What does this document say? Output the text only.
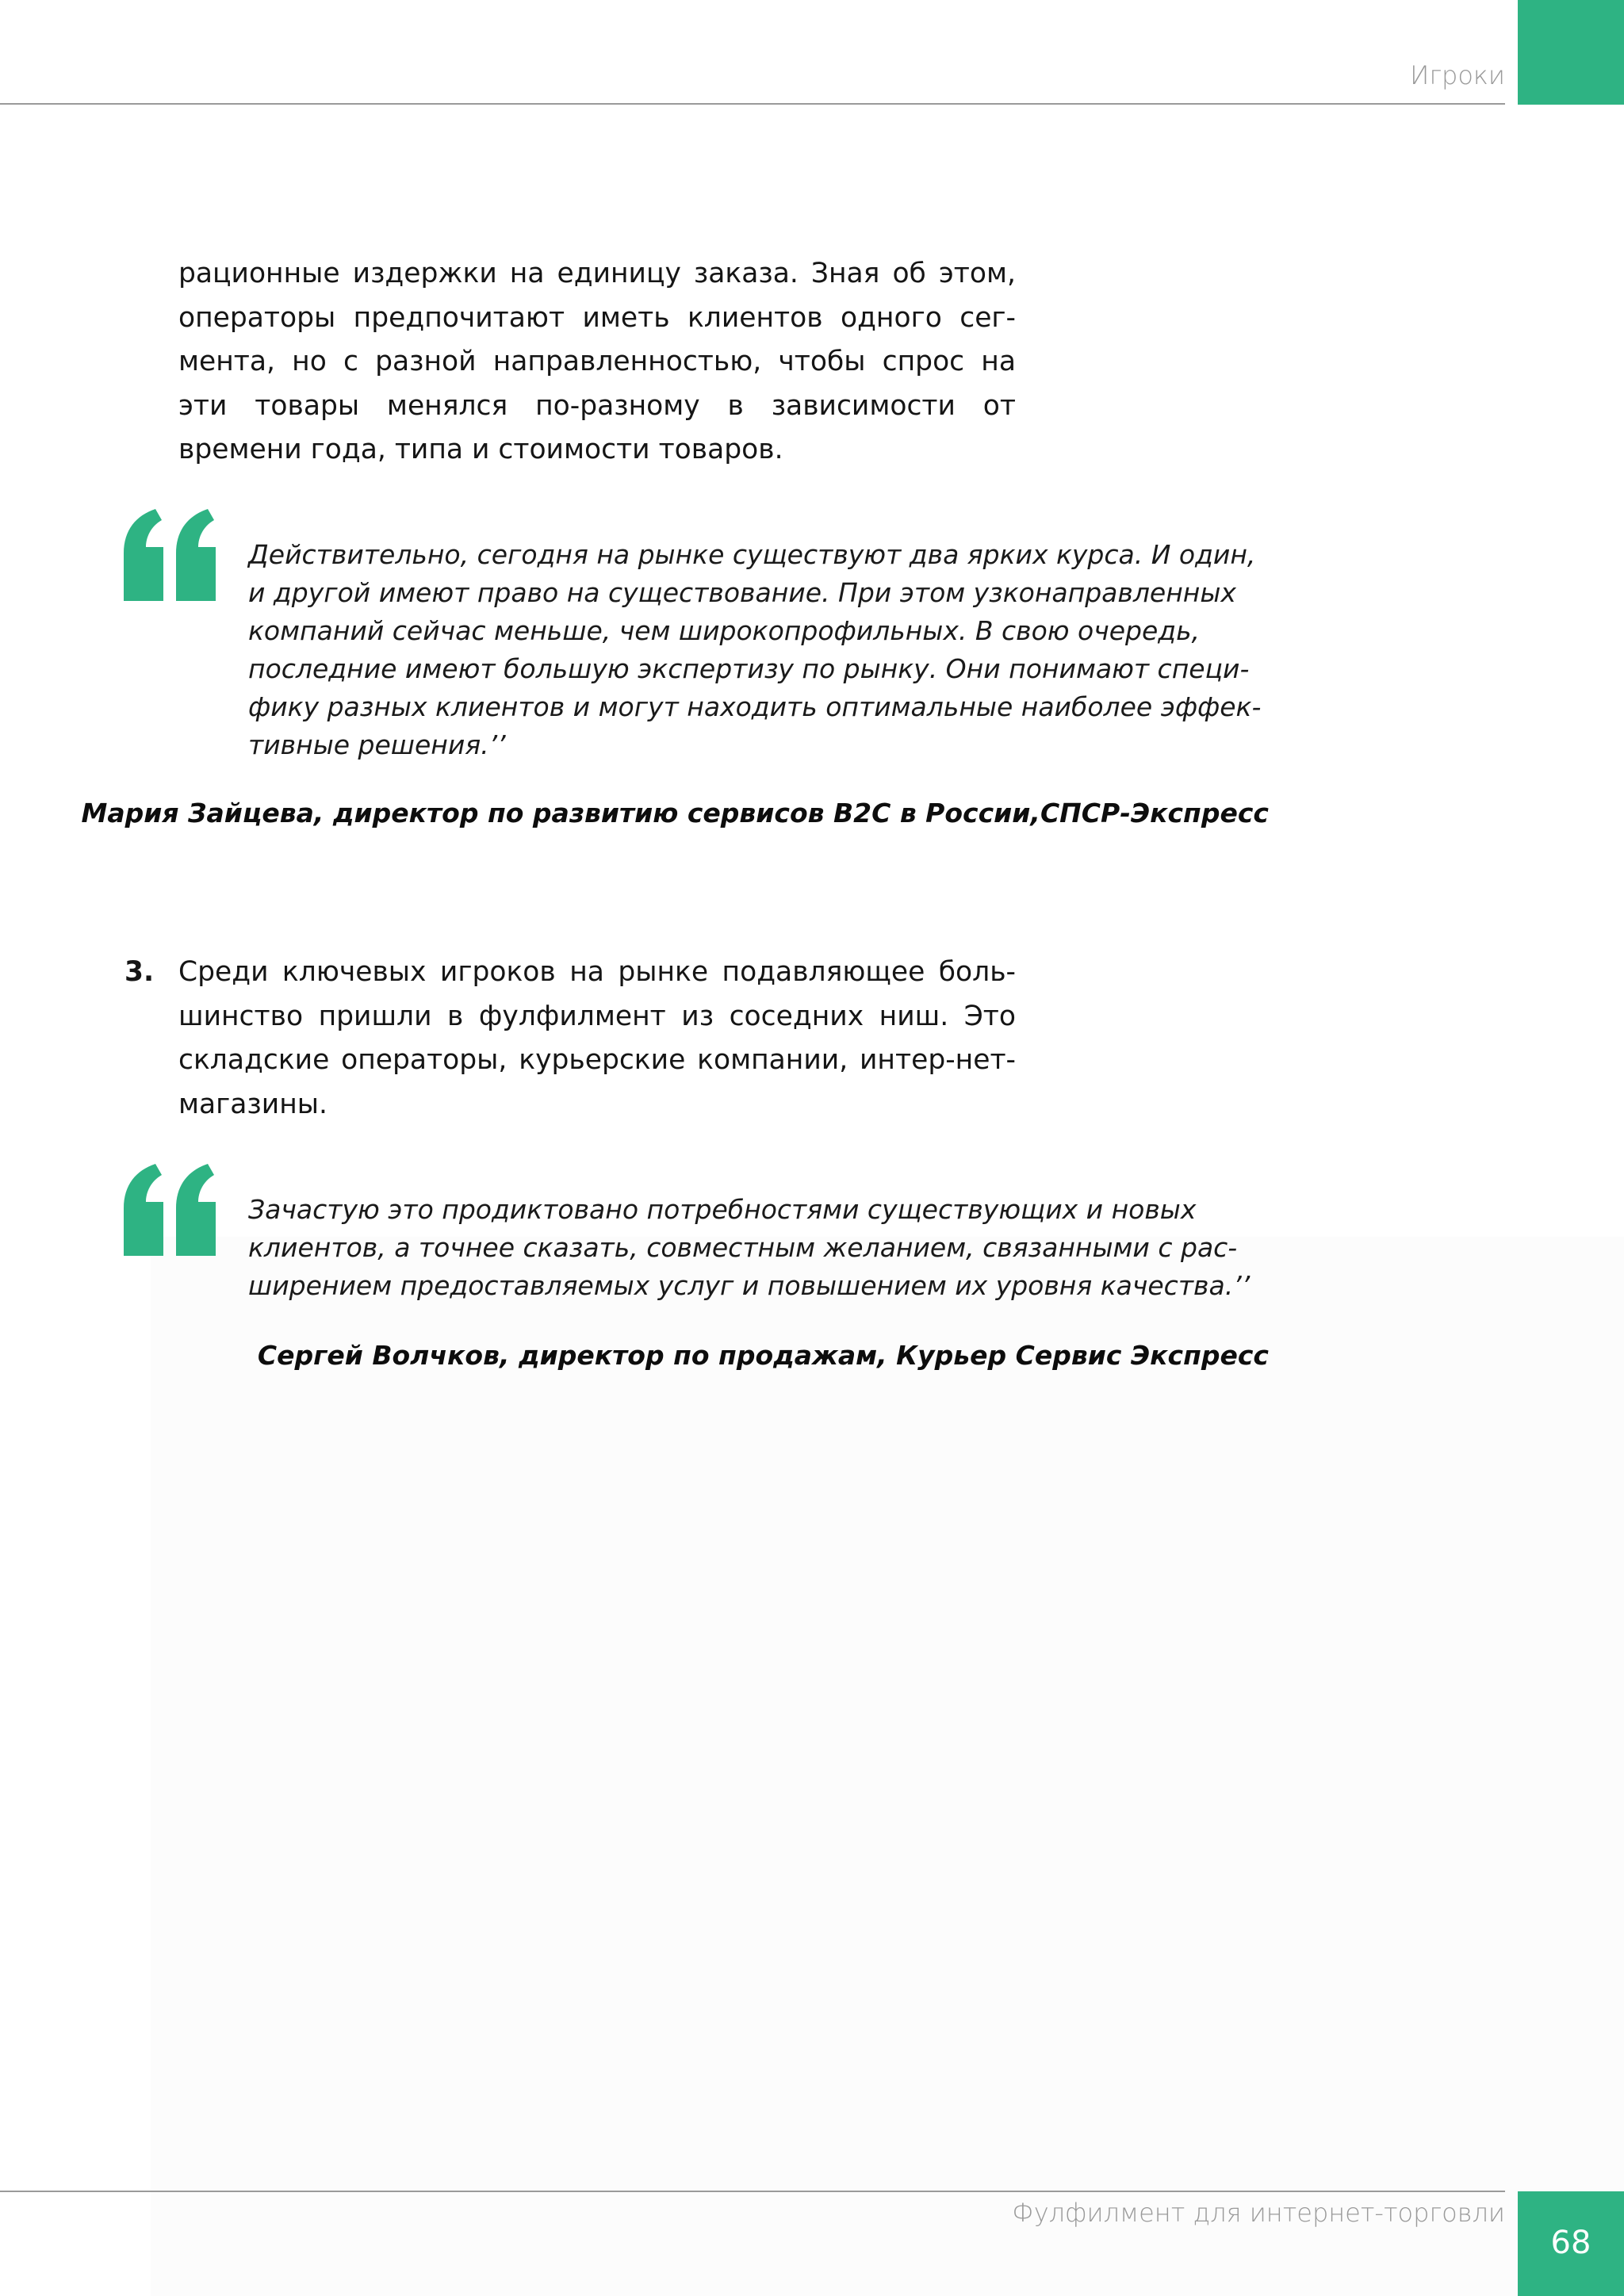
Игроки
рационные издержки на единицу заказа. Зная об этом, операторы предпочитают иметь клиентов одного сег-мента, но с разной направленностью, чтобы спрос на эти товары менялся по-разному в зависимости от времени года, типа и стоимости товаров.
Действительно, сегодня на рынке существуют два ярких курса. И один, и другой имеют право на существование. При этом узконаправленных компаний сейчас меньше, чем широкопрофильных. В свою очередь, последние имеют большую экспертизу по рынку. Они понимают специ-фику разных клиентов и могут находить оптимальные наиболее эффек-тивные решения.’’
Мария Зайцева, директор по развитию сервисов B2C в России,СПСР-Экспресс
3. Среди ключевых игроков на рынке подавляющее боль-шинство пришли в фулфилмент из соседних ниш. Это складские операторы, курьерские компании, интер-нет-магазины.
Зачастую это продиктовано потребностями существующих и новых клиентов, а точнее сказать, совместным желанием, связанными с рас-ширением предоставляемых услуг и повышением их уровня качества.’’
Сергей Волчков, директор по продажам, Курьер Сервис Экспресс
Фулфилмент для интернет-торговли
68
